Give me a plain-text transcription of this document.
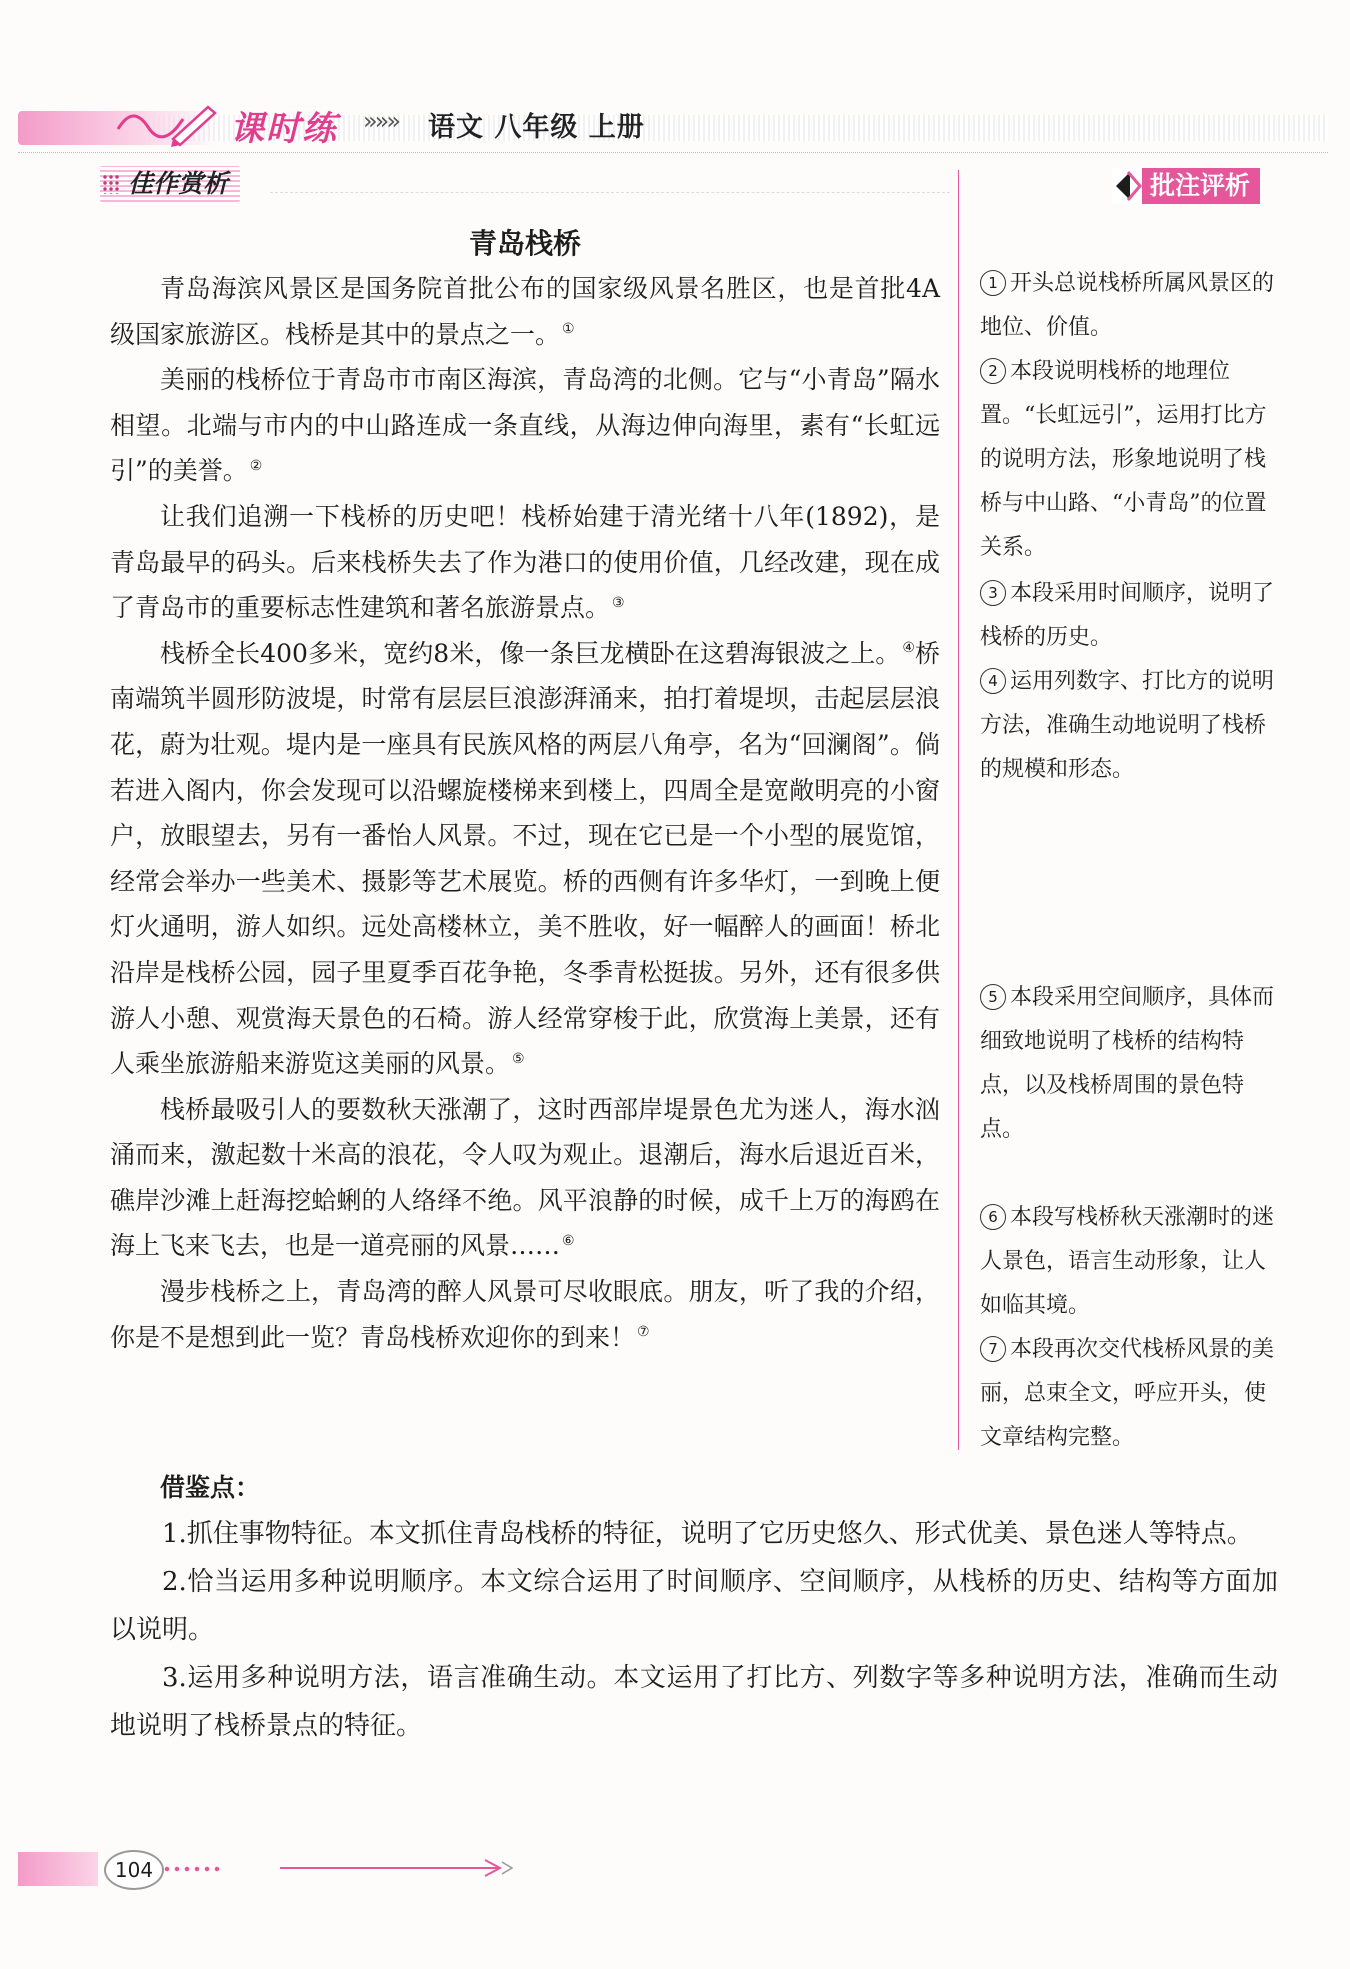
课时练 »»» 语文 八年级 上册
佳作赏析	批注评析
青岛栈桥

青岛海滨风景区是国务院首批公布的国家级风景名胜区，也是首批4A级国家旅游区。栈桥是其中的景点之一。 ①

美丽的栈桥位于青岛市市南区海滨，青岛湾的北侧。它与“小青岛”隔水相望。北端与市内的中山路连成一条直线，从海边伸向海里，素有“长虹远引”的美誉。 ②

让我们追溯一下栈桥的历史吧！栈桥始建于清光绪十八年(1892)，是青岛最早的码头。后来栈桥失去了作为港口的使用价值，几经改建，现在成了青岛市的重要标志性建筑和著名旅游景点。 ③

栈桥全长400多米，宽约8米，像一条巨龙横卧在这碧海银波之上。 ④桥南端筑半圆形防波堤，时常有层层巨浪澎湃涌来，拍打着堤坝，击起层层浪花，蔚为壮观。堤内是一座具有民族风格的两层八角亭，名为“回澜阁”。倘若进入阁内，你会发现可以沿螺旋楼梯来到楼上，四周全是宽敞明亮的小窗户，放眼望去，另有一番怡人风景。不过，现在它已是一个小型的展览馆，经常会举办一些美术、摄影等艺术展览。桥的西侧有许多华灯，一到晚上便灯火通明，游人如织。远处高楼林立，美不胜收，好一幅醉人的画面！桥北沿岸是栈桥公园，园子里夏季百花争艳，冬季青松挺拔。另外，还有很多供游人小憩、观赏海天景色的石椅。游人经常穿梭于此，欣赏海上美景，还有人乘坐旅游船来游览这美丽的风景。 ⑤

栈桥最吸引人的要数秋天涨潮了，这时西部岸堤景色尤为迷人，海水汹涌而来，激起数十米高的浪花，令人叹为观止。退潮后，海水后退近百米，礁岸沙滩上赶海挖蛤蜊的人络绎不绝。风平浪静的时候，成千上万的海鸥在海上飞来飞去，也是一道亮丽的风景…… ⑥

漫步栈桥之上，青岛湾的醉人风景可尽收眼底。朋友，听了我的介绍，你是不是想到此一览？青岛栈桥欢迎你的到来！ ⑦

1 开头总说栈桥所属风景区的地位、价值。

2 本段说明栈桥的地理位置。“长虹远引”，运用打比方的说明方法，形象地说明了栈桥与中山路、“小青岛”的位置关系。

3 本段采用时间顺序，说明了栈桥的历史。

4 运用列数字、打比方的说明方法，准确生动地说明了栈桥的规模和形态。

5 本段采用空间顺序，具体而细致地说明了栈桥的结构特点，以及栈桥周围的景色特点。

6 本段写栈桥秋天涨潮时的迷人景色，语言生动形象，让人如临其境。

7 本段再次交代栈桥风景的美丽，总束全文，呼应开头，使文章结构完整。

借鉴点：

1.抓住事物特征。本文抓住青岛栈桥的特征，说明了它历史悠久、形式优美、景色迷人等特点。

2.恰当运用多种说明顺序。本文综合运用了时间顺序、空间顺序，从栈桥的历史、结构等方面加以说明。

3.运用多种说明方法，语言准确生动。本文运用了打比方、列数字等多种说明方法，准确而生动地说明了栈桥景点的特征。

104
